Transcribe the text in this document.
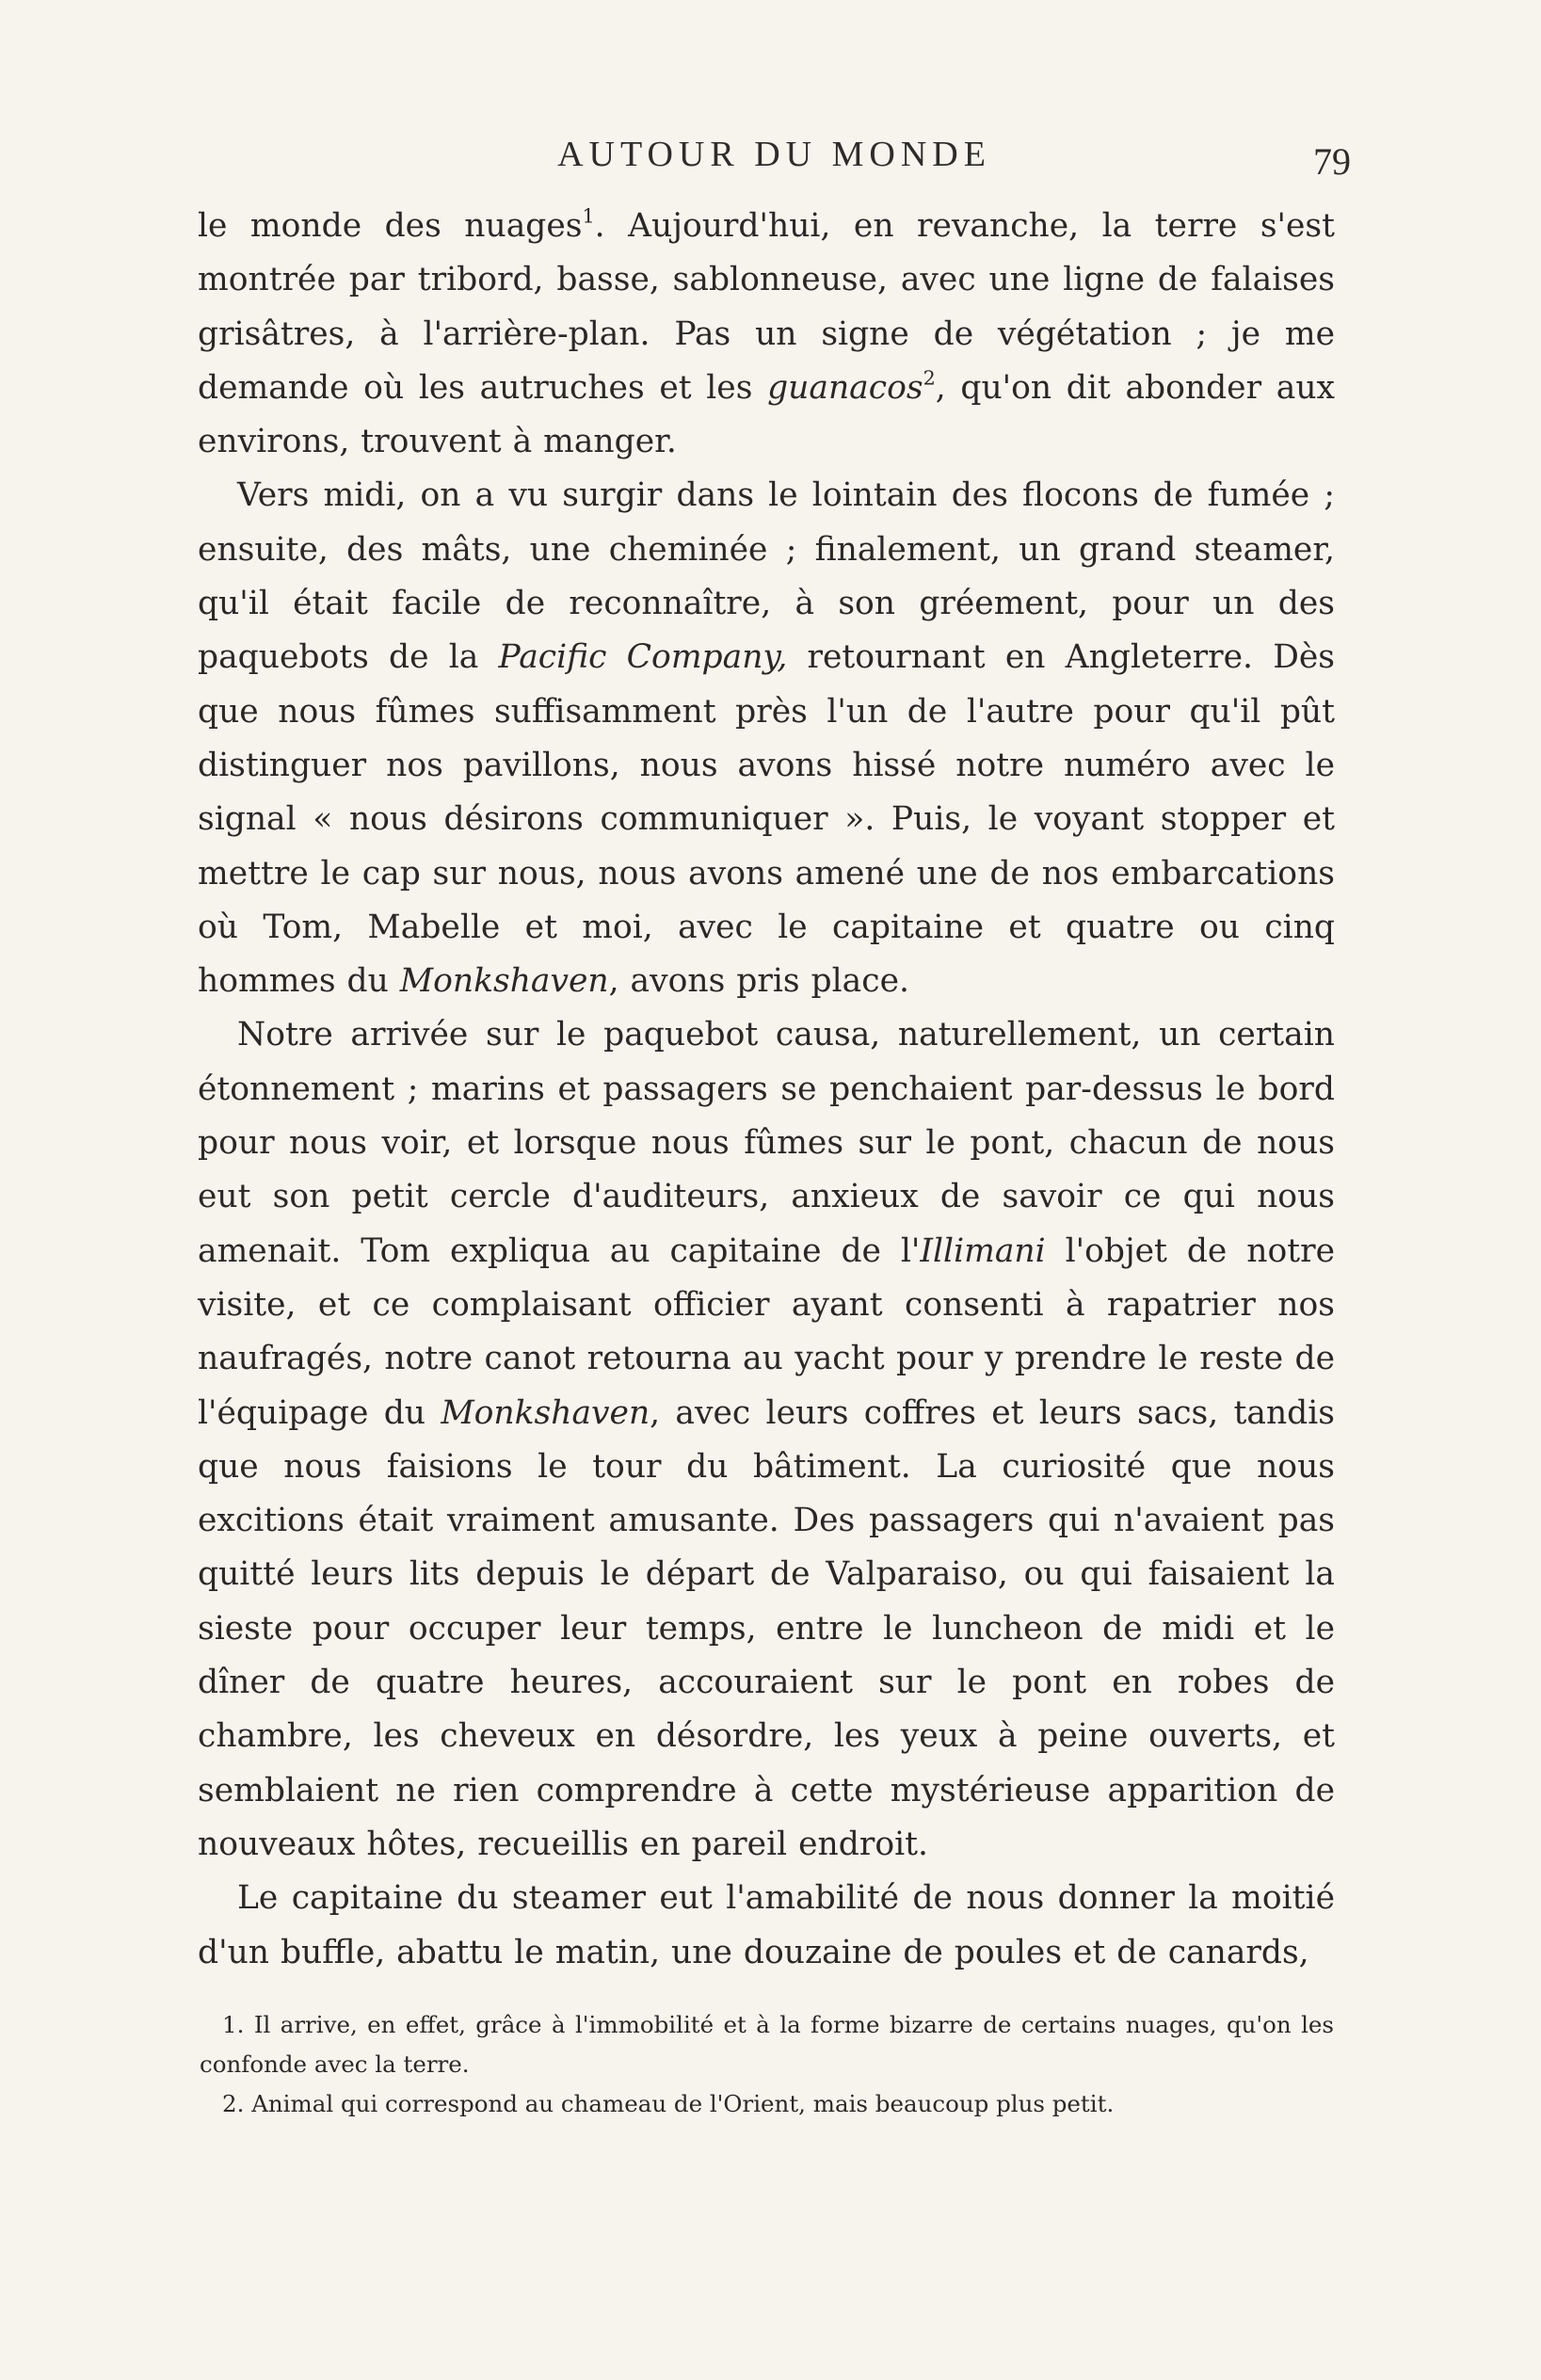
AUTOUR DU MONDE	79

le monde des nuages$^1$. Aujourd'hui, en revanche, la terre s'est montrée par tribord, basse, sablonneuse, avec une ligne de falaises grisâtres, à l'arrière-plan. Pas un signe de végétation ; je me demande où les autruches et les guanacos$^2$, qu'on dit abonder aux environs, trouvent à manger.

Vers midi, on a vu surgir dans le lointain des flocons de fumée ; ensuite, des mâts, une cheminée ; finalement, un grand steamer, qu'il était facile de reconnaître, à son gréement, pour un des paquebots de la Pacific Company, retournant en Angleterre. Dès que nous fûmes suffisamment près l'un de l'autre pour qu'il pût distinguer nos pavillons, nous avons hissé notre numéro avec le signal « nous désirons communiquer ». Puis, le voyant stopper et mettre le cap sur nous, nous avons amené une de nos embarcations où Tom, Mabelle et moi, avec le capitaine et quatre ou cinq hommes du Monkshaven, avons pris place.

Notre arrivée sur le paquebot causa, naturellement, un certain étonnement ; marins et passagers se penchaient par-dessus le bord pour nous voir, et lorsque nous fûmes sur le pont, chacun de nous eut son petit cercle d'auditeurs, anxieux de savoir ce qui nous amenait. Tom expliqua au capitaine de l'Illimani l'objet de notre visite, et ce complaisant officier ayant consenti à rapatrier nos naufragés, notre canot retourna au yacht pour y prendre le reste de l'équipage du Monkshaven, avec leurs coffres et leurs sacs, tandis que nous faisions le tour du bâtiment. La curiosité que nous excitions était vraiment amusante. Des passagers qui n'avaient pas quitté leurs lits depuis le départ de Valparaiso, ou qui faisaient la sieste pour occuper leur temps, entre le luncheon de midi et le dîner de quatre heures, accouraient sur le pont en robes de chambre, les cheveux en désordre, les yeux à peine ouverts, et semblaient ne rien comprendre à cette mystérieuse apparition de nouveaux hôtes, recueillis en pareil endroit.

Le capitaine du steamer eut l'amabilité de nous donner la moitié d'un buffle, abattu le matin, une douzaine de poules et de canards,

1. Il arrive, en effet, grâce à l'immobilité et à la forme bizarre de certains nuages, qu'on les confonde avec la terre.

2. Animal qui correspond au chameau de l'Orient, mais beaucoup plus petit.
